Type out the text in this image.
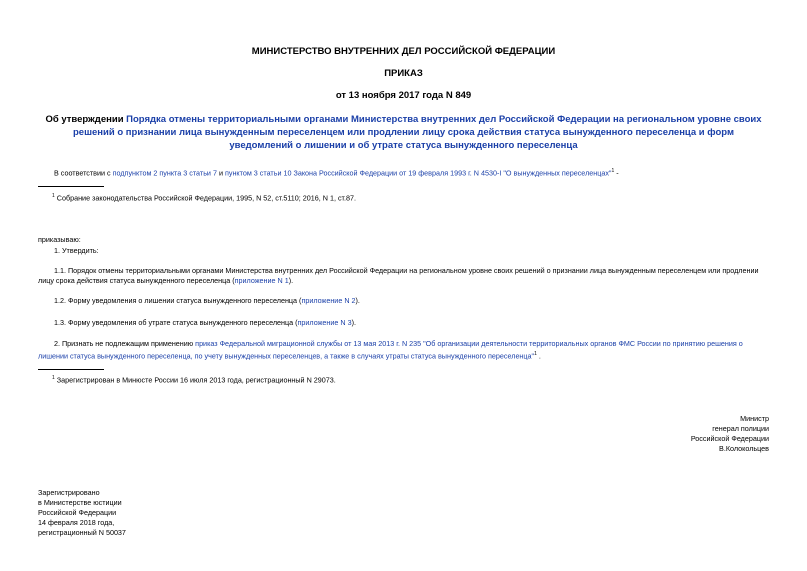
МИНИСТЕРСТВО ВНУТРЕННИХ ДЕЛ РОССИЙСКОЙ ФЕДЕРАЦИИ
ПРИКАЗ
от 13 ноября 2017 года N 849
Об утверждении Порядка отмены территориальными органами Министерства внутренних дел Российской Федерации на региональном уровне своих решений о признании лица вынужденным переселенцем или продлении лицу срока действия статуса вынужденного переселенца и форм уведомлений о лишении и об утрате статуса вынужденного переселенца
В соответствии с подпунктом 2 пункта 3 статьи 7 и пунктом 3 статьи 10 Закона Российской Федерации от 19 февраля 1993 г. N 4530-I "О вынужденных переселенцах"$^1$ -
$^1$ Собрание законодательства Российской Федерации, 1995, N 52, ст.5110; 2016, N 1, ст.87.
приказываю:
1. Утвердить:
1.1. Порядок отмены территориальными органами Министерства внутренних дел Российской Федерации на региональном уровне своих решений о признании лица вынужденным переселенцем или продлении лицу срока действия статуса вынужденного переселенца (приложение N 1).
1.2. Форму уведомления о лишении статуса вынужденного переселенца (приложение N 2).
1.3. Форму уведомления об утрате статуса вынужденного переселенца (приложение N 3).
2. Признать не подлежащим применению приказ Федеральной миграционной службы от 13 мая 2013 г. N 235 "Об организации деятельности территориальных органов ФМС России по принятию решения о лишении статуса вынужденного переселенца, по учету вынужденных переселенцев, а также в случаях утраты статуса вынужденного переселенца"$^1$ .
$^1$ Зарегистрирован в Минюсте России 16 июля 2013 года, регистрационный N 29073.
Министр
генерал полиции
Российской Федерации
В.Колокольцев
Зарегистрировано
в Министерстве юстиции
Российской Федерации
14 февраля 2018 года,
регистрационный N 50037
